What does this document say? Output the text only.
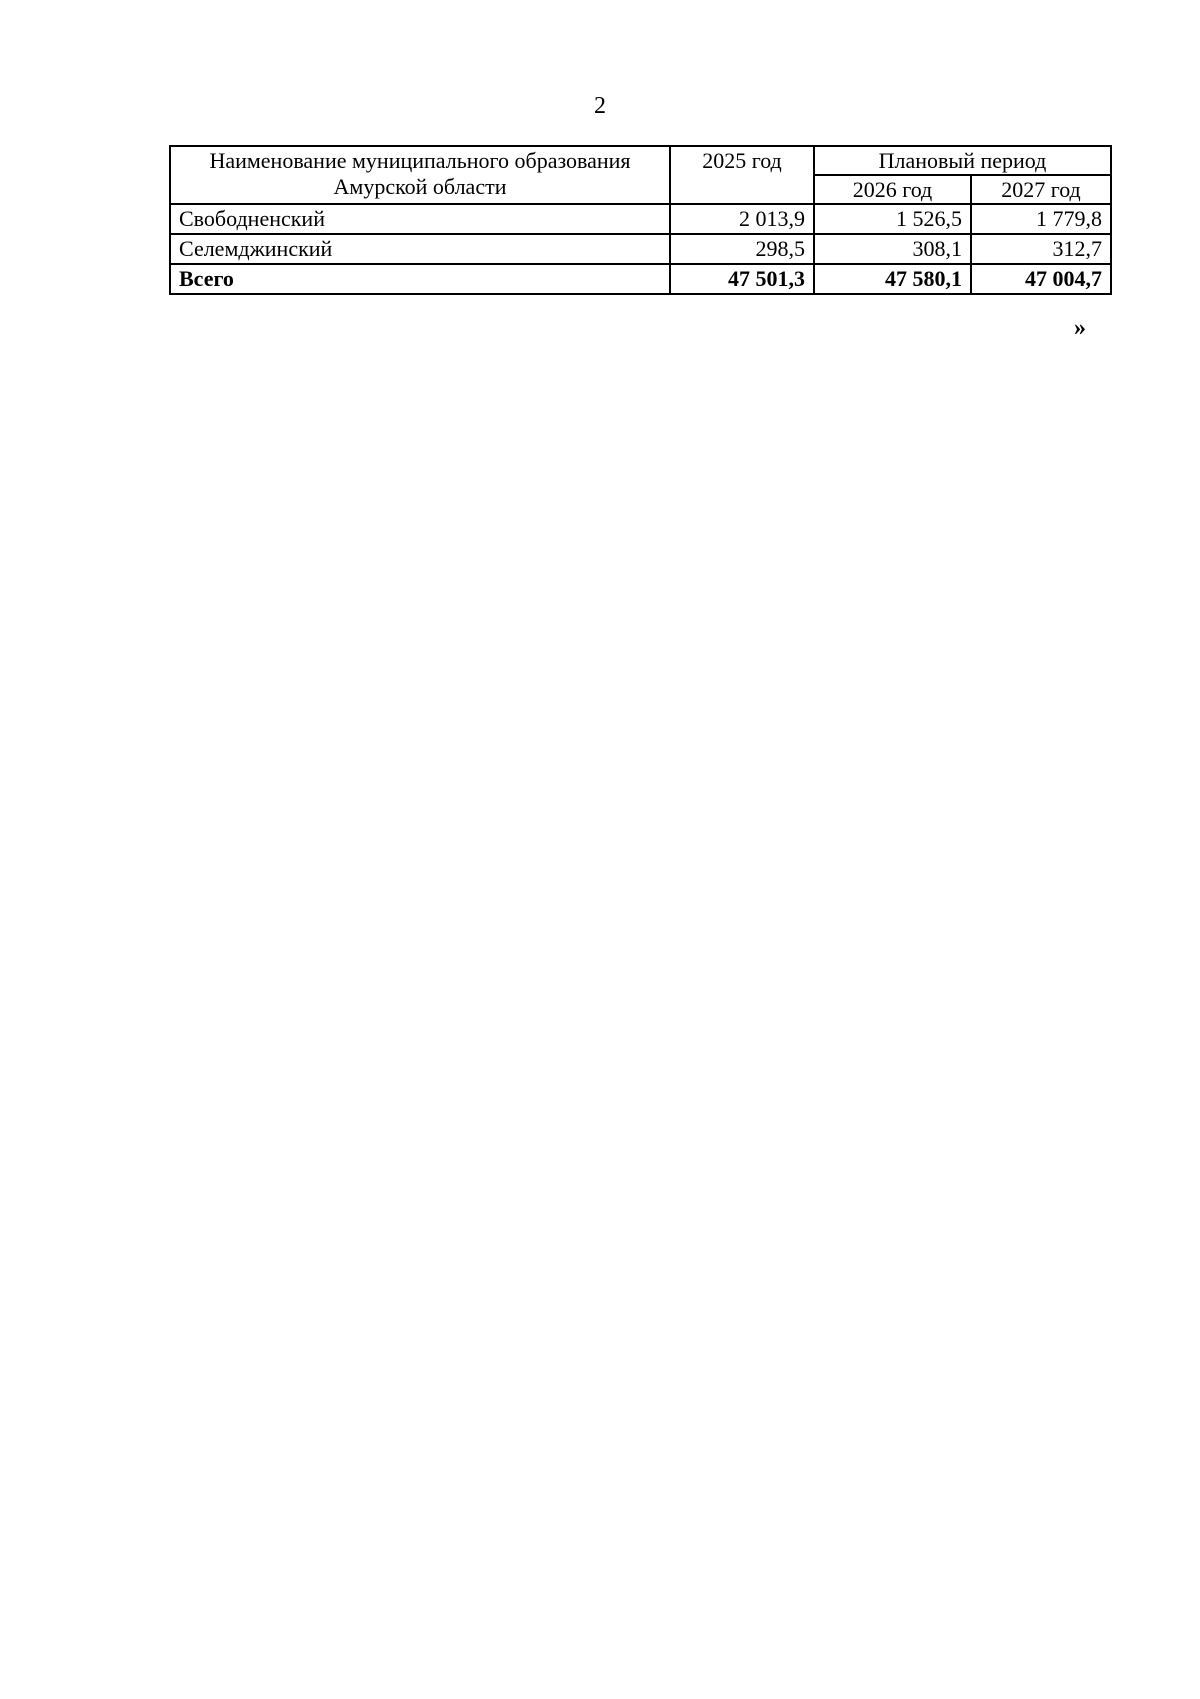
2
Наименование муниципального образования Амурской области	2025 год	Плановый период	
		2026 год	2027 год
Свободненский	2 013,9	1 526,5	1 779,8
Селемджинский	298,5	308,1	312,7
Всего	47 501,3	47 580,1	47 004,7
»
